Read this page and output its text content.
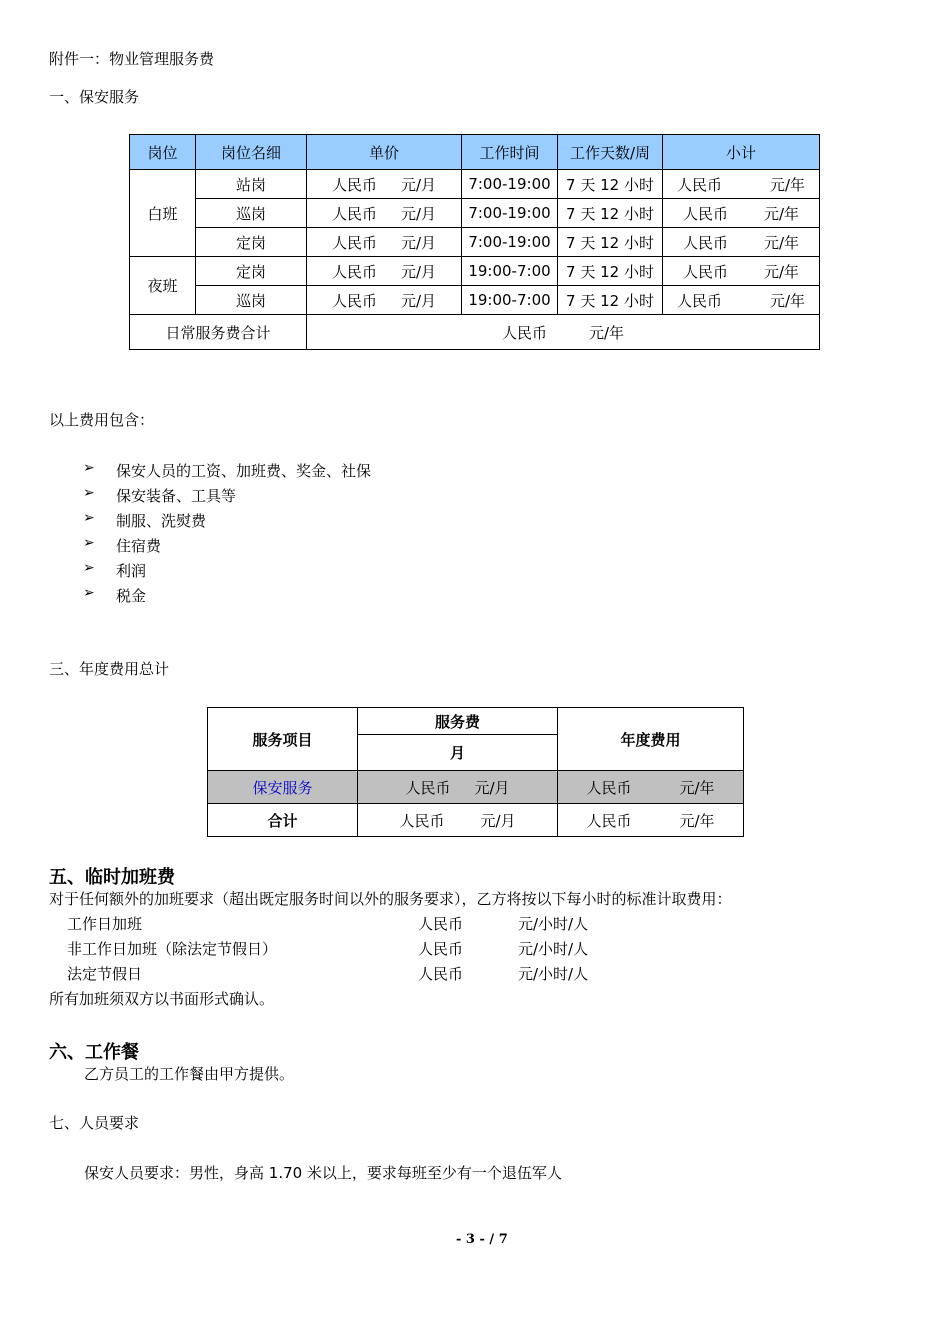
附件一：物业管理服务费
一、保安服务
岗位	岗位名细	单价	工作时间	工作天数/周	小计
白班	站岗	人民币 元/月	7:00-19:00	7 天 12 小时	人民币 元/年

	巡岗	人民币 元/月	7:00-19:00	7 天 12 小时	人民币 元/年

	定岗	人民币 元/月	7:00-19:00	7 天 12 小时	人民币 元/年

夜班	定岗	人民币 元/月	19:00-7:00	7 天 12 小时	人民币 元/年

	巡岗	人民币 元/月	19:00-7:00	7 天 12 小时	人民币 元/年

日常服务费合计		人民币 元/年			
以上费用包含：
➢ 保安人员的工资、加班费、奖金、社保
➢ 保安装备、工具等
➢ 制服、洗熨费
➢ 住宿费
➢ 利润
➢ 税金
三、年度费用总计
服务项目	服务费	年度费用
	月	
保安服务	人民币 元/月	人民币 元/年

合计	人民币 元/月	人民币 元/年
五、临时加班费
对于任何额外的加班要求（超出既定服务时间以外的服务要求），乙方将按以下每小时的标准计取费用：
工作日加班	人民币	元/小时/人
非工作日加班（除法定节假日）	人民币	元/小时/人
法定节假日	人民币	元/小时/人
所有加班须双方以书面形式确认。
六、工作餐
乙方员工的工作餐由甲方提供。
七、人员要求
保安人员要求：男性，身高 1.70 米以上，要求每班至少有一个退伍军人
- 3 - / 7
